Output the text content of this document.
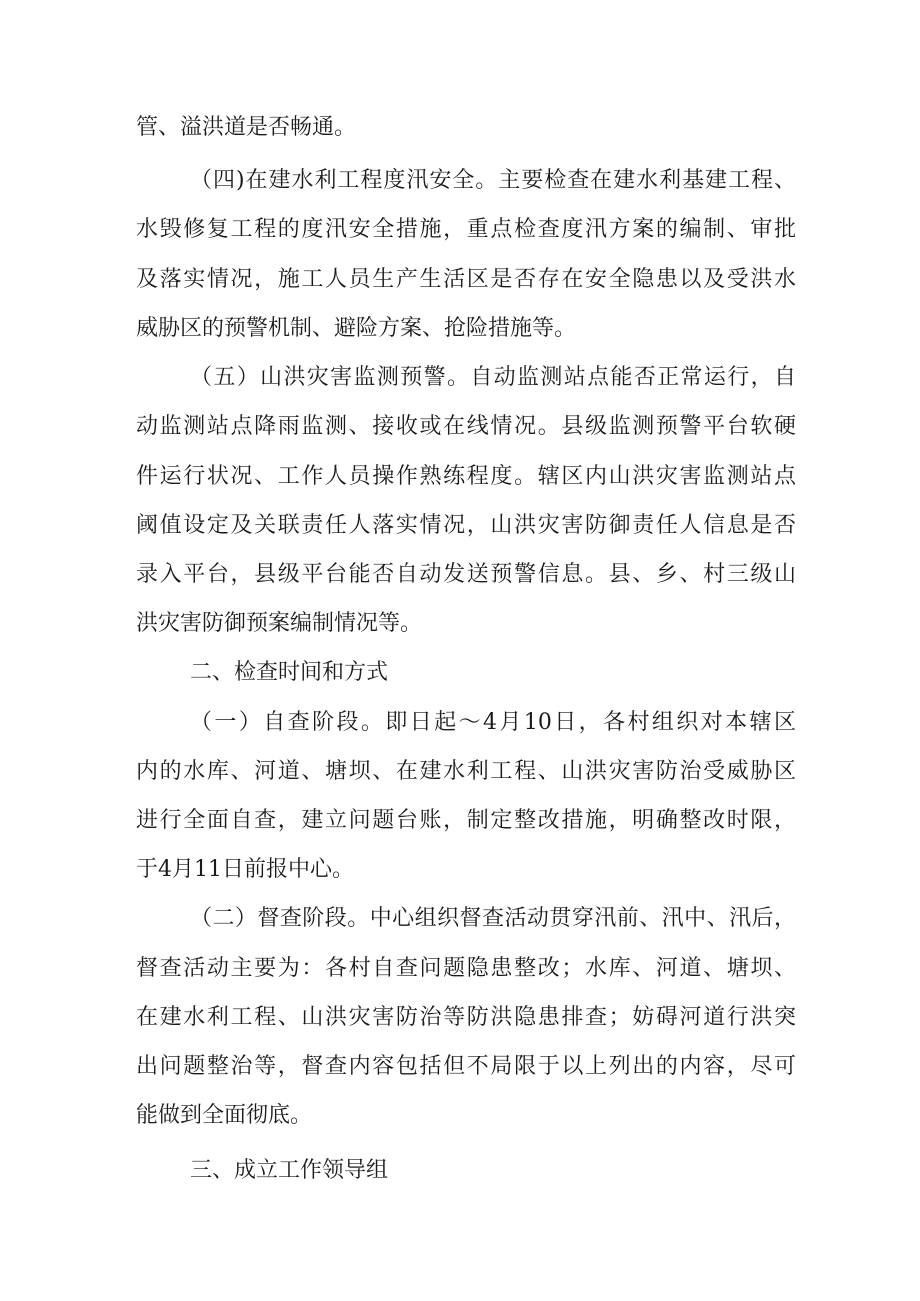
管、溢洪道是否畅通。
（四)在建水利工程度汛安全。主要检查在建水利基建工程、
水毁修复工程的度汛安全措施，重点检查度汛方案的编制、审批
及落实情况，施工人员生产生活区是否存在安全隐患以及受洪水
威胁区的预警机制、避险方案、抢险措施等。
（五）山洪灾害监测预警。自动监测站点能否正常运行，自
动监测站点降雨监测、接收或在线情况。县级监测预警平台软硬
件运行状况、工作人员操作熟练程度。辖区内山洪灾害监测站点
阈值设定及关联责任人落实情况，山洪灾害防御责任人信息是否
录入平台，县级平台能否自动发送预警信息。县、乡、村三级山
洪灾害防御预案编制情况等。
二、检查时间和方式
（一）自查阶段。即日起～4月10日，各村组织对本辖区
内的水库、河道、塘坝、在建水利工程、山洪灾害防治受威胁区
进行全面自查，建立问题台账，制定整改措施，明确整改时限，
于4月11日前报中心。
（二）督查阶段。中心组织督查活动贯穿汛前、汛中、汛后，
督查活动主要为：各村自查问题隐患整改；水库、河道、塘坝、
在建水利工程、山洪灾害防治等防洪隐患排查；妨碍河道行洪突
出问题整治等，督查内容包括但不局限于以上列出的内容，尽可
能做到全面彻底。
三、成立工作领导组
